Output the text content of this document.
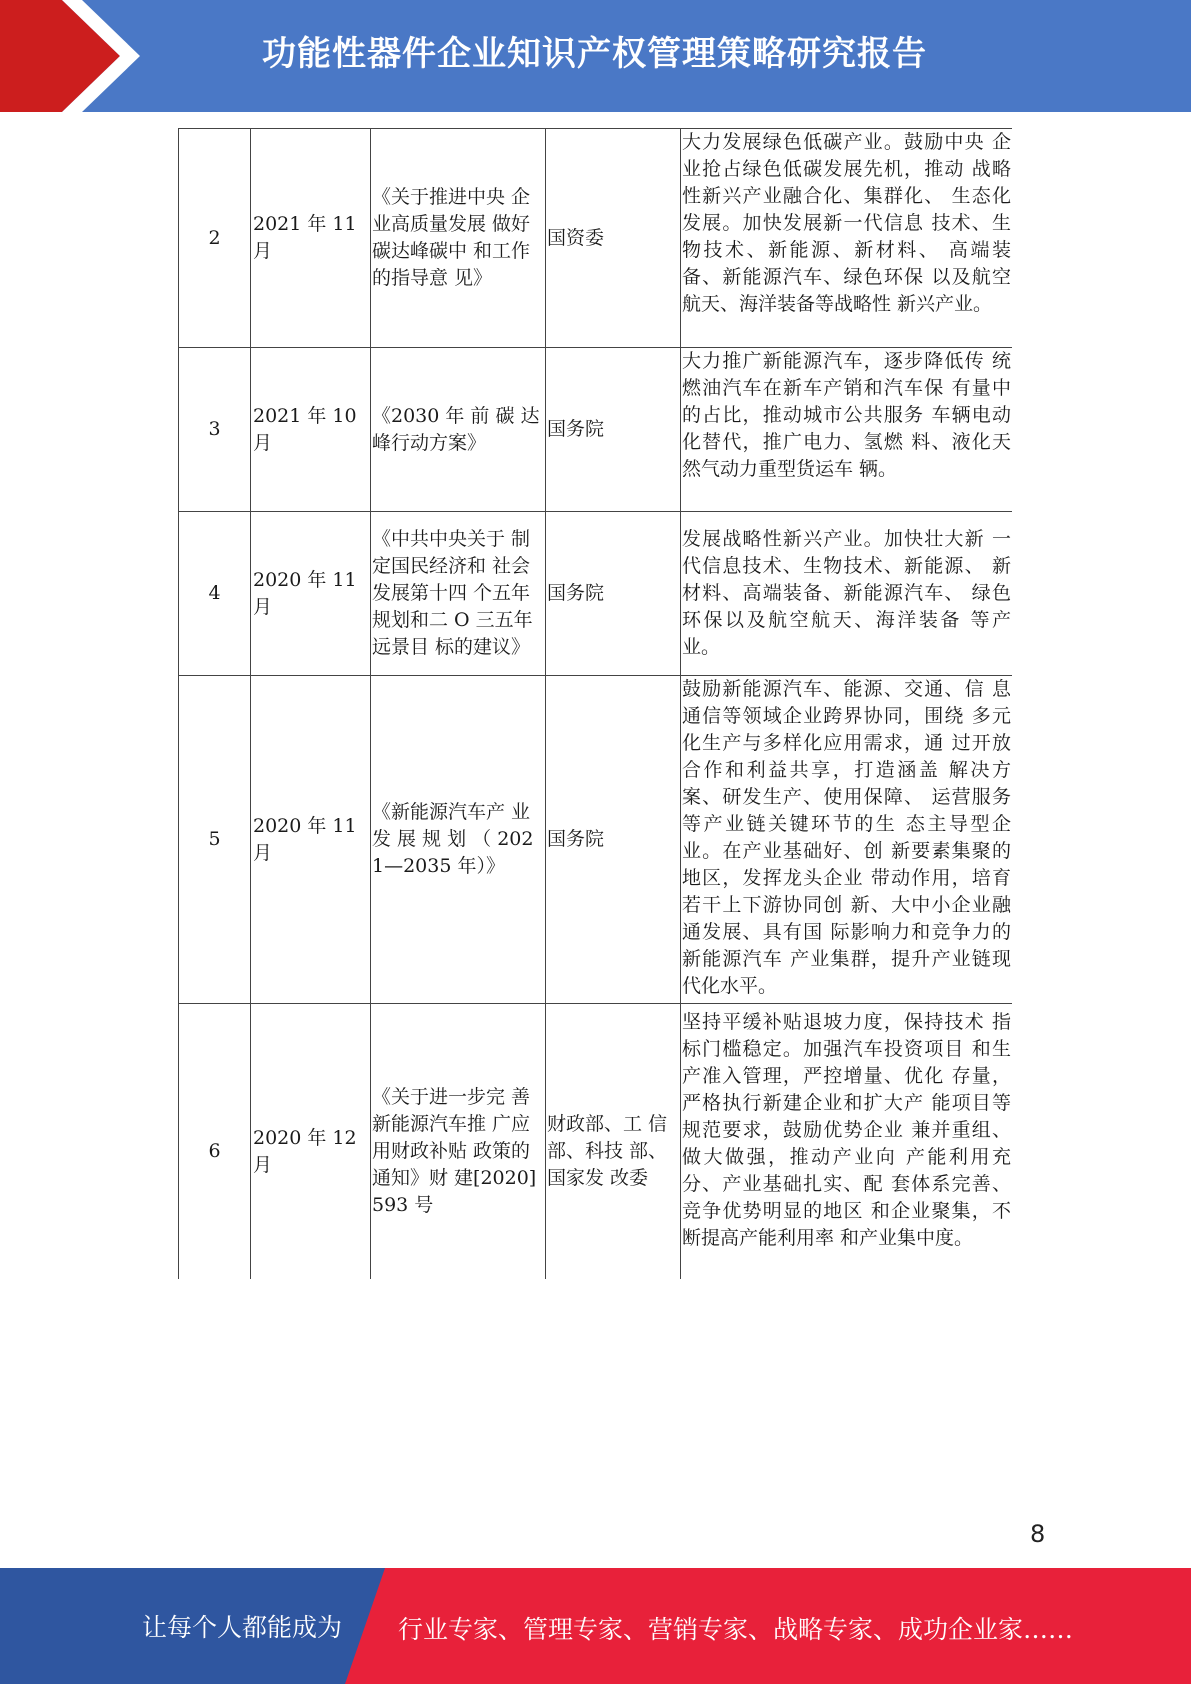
功能性器件企业知识产权管理策略研究报告
2	2021 年 11 月	《关于推进中央 企业高质量发展 做好碳达峰碳中 和工作的指导意 见》	国资委	大力发展绿色低碳产业。鼓励中央 企业抢占绿色低碳发展先机，推动 战略性新兴产业融合化、集群化、 生态化发展。加快发展新一代信息 技术、生物技术、新能源、新材料、 高端装备、新能源汽车、绿色环保 以及航空航天、海洋装备等战略性 新兴产业。
3	2021 年 10 月	《2030 年 前 碳 达峰行动方案》	国务院	大力推广新能源汽车，逐步降低传 统燃油汽车在新车产销和汽车保 有量中的占比，推动城市公共服务 车辆电动化替代，推广电力、氢燃 料、液化天然气动力重型货运车 辆。
4	2020 年 11 月	《中共中央关于 制定国民经济和 社会发展第十四 个五年规划和二 O 三五年远景目 标的建议》	国务院	发展战略性新兴产业。加快壮大新 一代信息技术、生物技术、新能源、 新材料、高端装备、新能源汽车、 绿色环保以及航空航天、海洋装备 等产业。
5	2020 年 11 月	《新能源汽车产 业 发 展 规 划 （ 2021—2035 年）》	国务院	鼓励新能源汽车、能源、交通、信 息通信等领域企业跨界协同，围绕 多元化生产与多样化应用需求，通 过开放合作和利益共享，打造涵盖 解决方案、研发生产、使用保障、 运营服务等产业链关键环节的生 态主导型企业。在产业基础好、创 新要素集聚的地区，发挥龙头企业 带动作用，培育若干上下游协同创 新、大中小企业融通发展、具有国 际影响力和竞争力的新能源汽车 产业集群，提升产业链现代化水平。
6	2020 年 12 月	《关于进一步完 善新能源汽车推 广应用财政补贴 政策的通知》财 建[2020]593 号	财政部、工 信部、科技 部、国家发 改委	坚持平缓补贴退坡力度，保持技术 指标门槛稳定。加强汽车投资项目 和生产准入管理，严控增量、优化 存量，严格执行新建企业和扩大产 能项目等规范要求，鼓励优势企业 兼并重组、做大做强，推动产业向 产能利用充分、产业基础扎实、配 套体系完善、竞争优势明显的地区 和企业聚集，不断提高产能利用率 和产业集中度。
8
让每个人都能成为 行业专家、管理专家、营销专家、战略专家、成功企业家……
